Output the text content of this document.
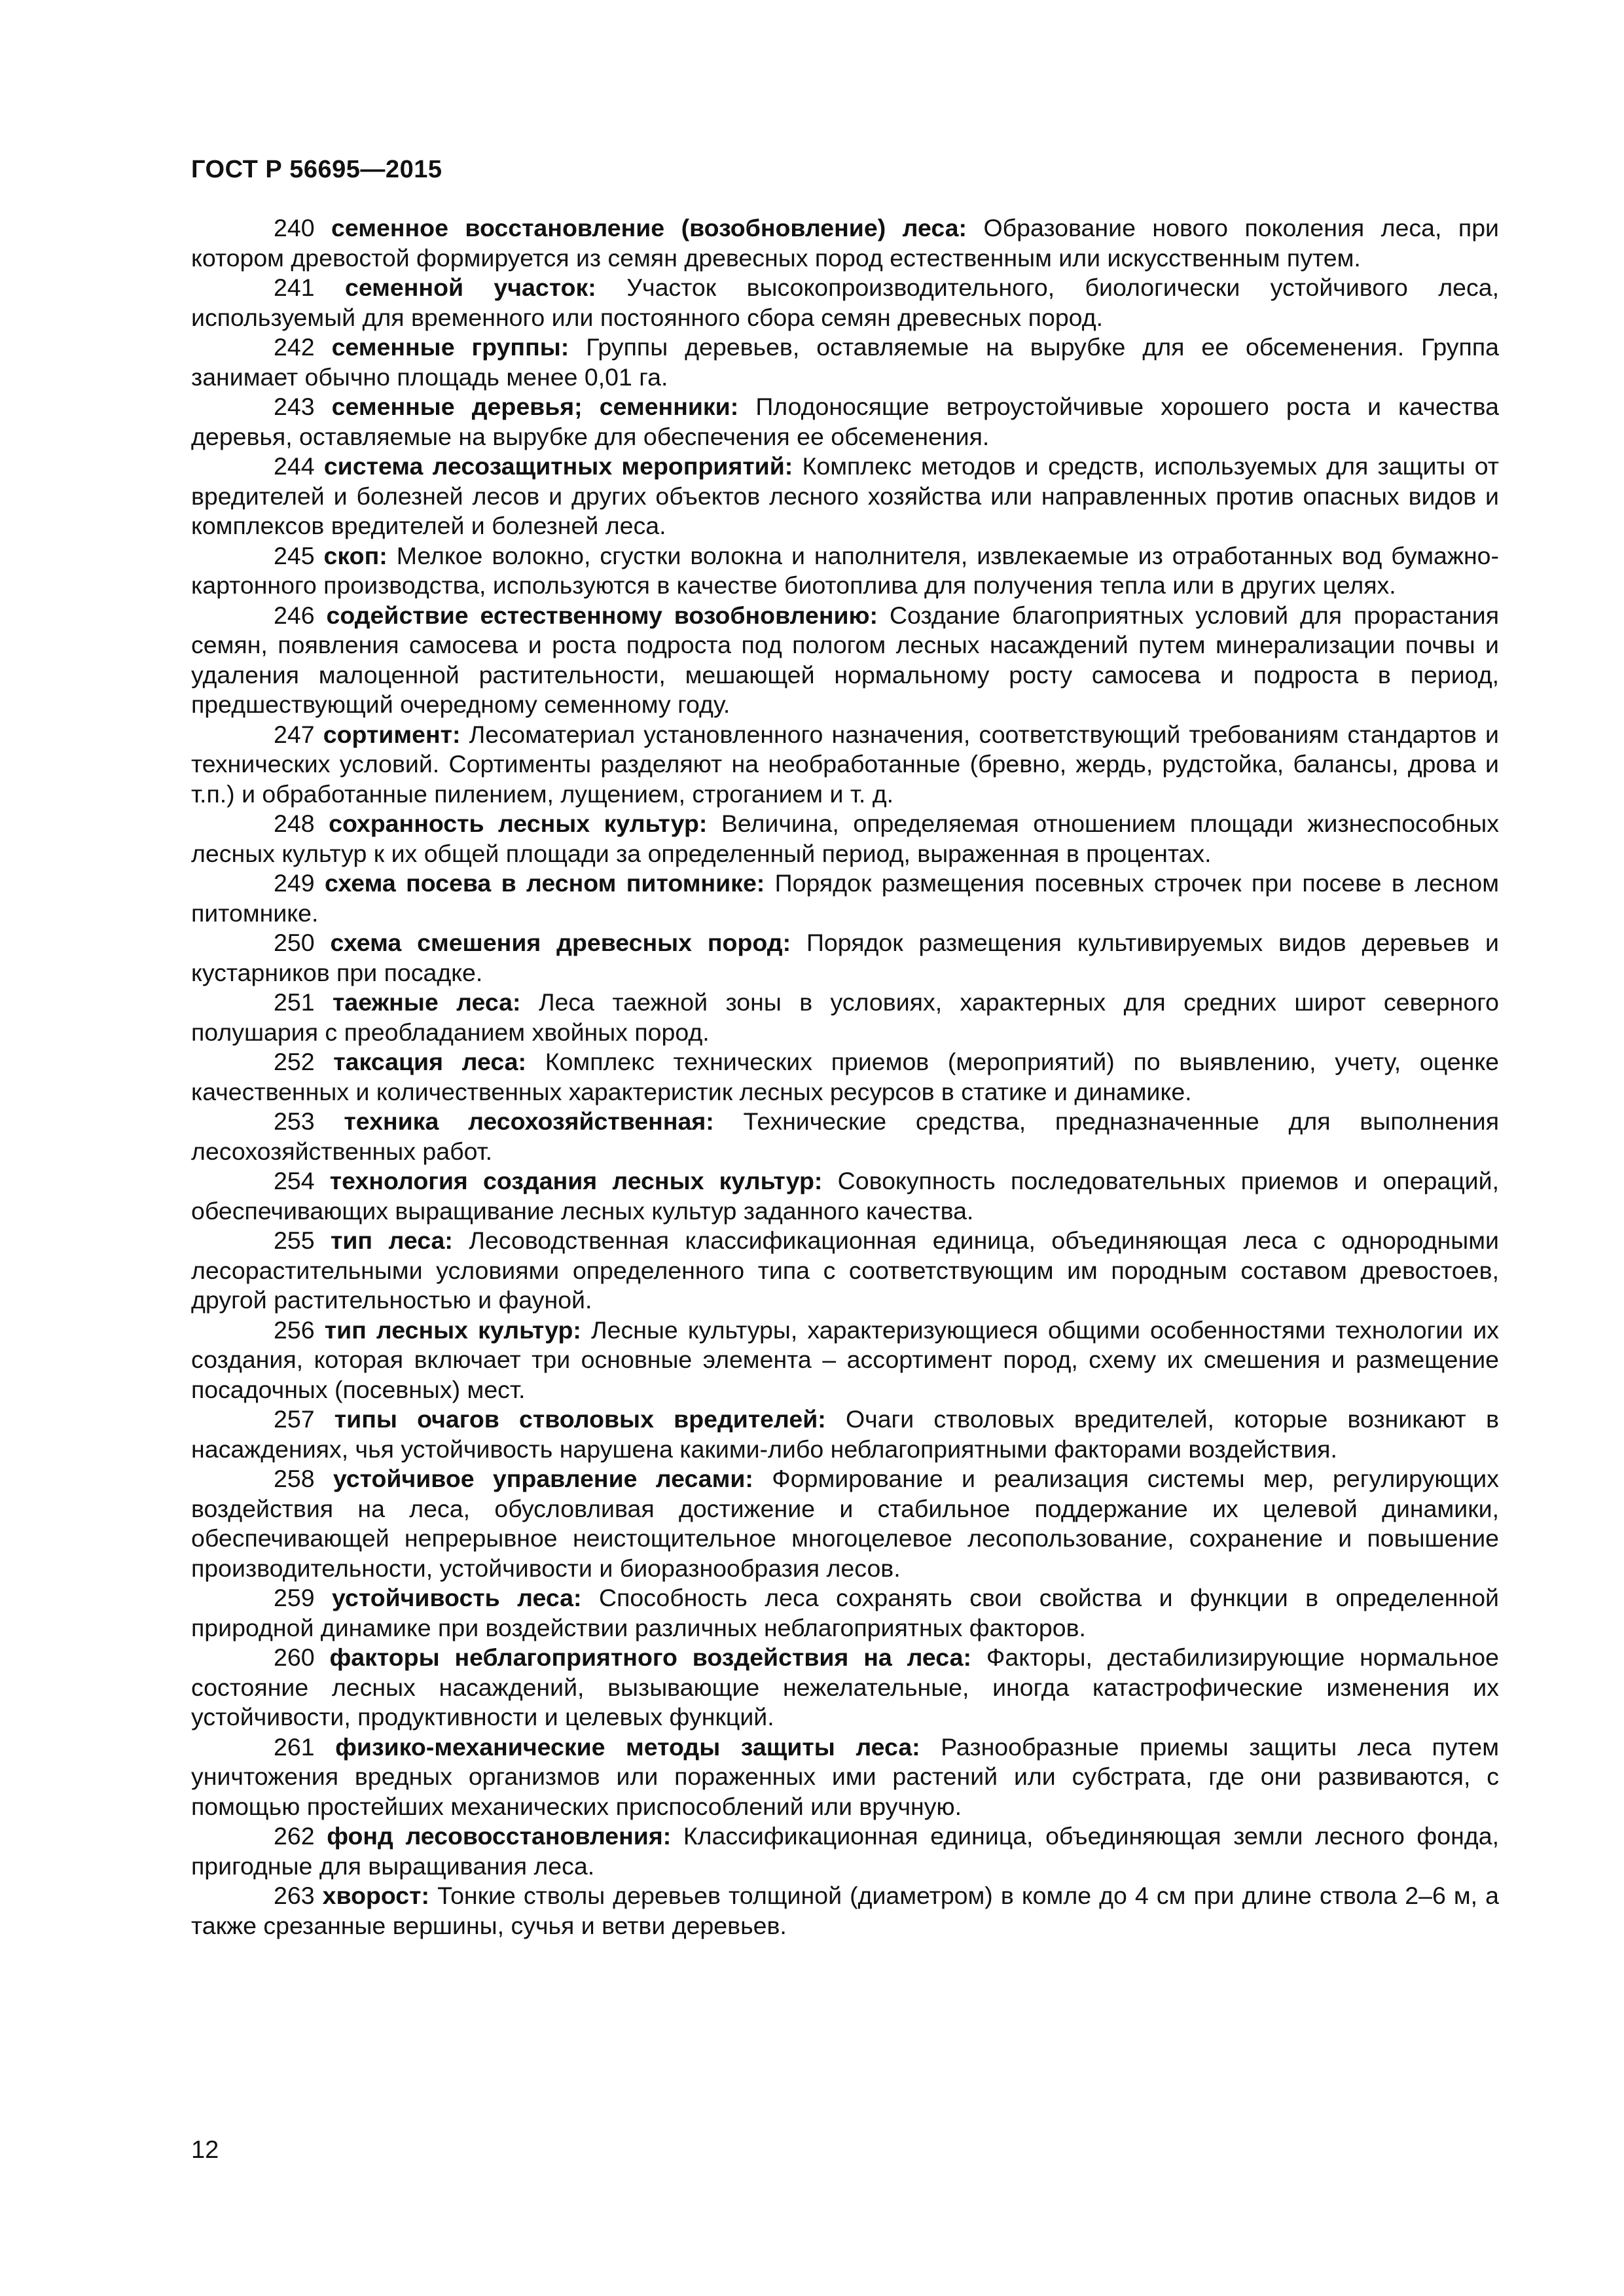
ГОСТ Р 56695—2015

240 семенное восстановление (возобновление) леса: Образование нового поколения леса, при котором древостой формируется из семян древесных пород естественным или искусственным путем.

241 семенной участок: Участок высокопроизводительного, биологически устойчивого леса, используемый для временного или постоянного сбора семян древесных пород.

242 семенные группы: Группы деревьев, оставляемые на вырубке для ее обсеменения. Группа занимает обычно площадь менее 0,01 га.

243 семенные деревья; семенники: Плодоносящие ветроустойчивые хорошего роста и качества деревья, оставляемые на вырубке для обеспечения ее обсеменения.

244 система лесозащитных мероприятий: Комплекс методов и средств, используемых для защиты от вредителей и болезней лесов и других объектов лесного хозяйства или направленных против опасных видов и комплексов вредителей и болезней леса.

245 скоп: Мелкое волокно, сгустки волокна и наполнителя, извлекаемые из отработанных вод бумажно-картонного производства, используются в качестве биотоплива для получения тепла или в других целях.

246 содействие естественному возобновлению: Создание благоприятных условий для прорастания семян, появления самосева и роста подроста под пологом лесных насаждений путем минерализации почвы и удаления малоценной растительности, мешающей нормальному росту самосева и подроста в период, предшествующий очередному семенному году.

247 сортимент: Лесоматериал установленного назначения, соответствующий требованиям стандартов и технических условий. Сортименты разделяют на необработанные (бревно, жердь, рудстойка, балансы, дрова и т.п.) и обработанные пилением, лущением, строганием и т. д.

248 сохранность лесных культур: Величина, определяемая отношением площади жизнеспособных лесных культур к их общей площади за определенный период, выраженная в процентах.

249 схема посева в лесном питомнике: Порядок размещения посевных строчек при посеве в лесном питомнике.

250 схема смешения древесных пород: Порядок размещения культивируемых видов деревьев и кустарников при посадке.

251 таежные леса: Леса таежной зоны в условиях, характерных для средних широт северного полушария с преобладанием хвойных пород.

252 таксация леса: Комплекс технических приемов (мероприятий) по выявлению, учету, оценке качественных и количественных характеристик лесных ресурсов в статике и динамике.

253 техника лесохозяйственная: Технические средства, предназначенные для выполнения лесохозяйственных работ.

254 технология создания лесных культур: Совокупность последовательных приемов и операций, обеспечивающих выращивание лесных культур заданного качества.

255 тип леса: Лесоводственная классификационная единица, объединяющая леса с однородными лесорастительными условиями определенного типа с соответствующим им породным составом древостоев, другой растительностью и фауной.

256 тип лесных культур: Лесные культуры, характеризующиеся общими особенностями технологии их создания, которая включает три основные элемента – ассортимент пород, схему их смешения и размещение посадочных (посевных) мест.

257 типы очагов стволовых вредителей: Очаги стволовых вредителей, которые возникают в насаждениях, чья устойчивость нарушена какими-либо неблагоприятными факторами воздействия.

258 устойчивое управление лесами: Формирование и реализация системы мер, регулирующих воздействия на леса, обусловливая достижение и стабильное поддержание их целевой динамики, обеспечивающей непрерывное неистощительное многоцелевое лесопользование, сохранение и повышение производительности, устойчивости и биоразнообразия лесов.

259 устойчивость леса: Способность леса сохранять свои свойства и функции в определенной природной динамике при воздействии различных неблагоприятных факторов.

260 факторы неблагоприятного воздействия на леса: Факторы, дестабилизирующие нормальное состояние лесных насаждений, вызывающие нежелательные, иногда катастрофические изменения их устойчивости, продуктивности и целевых функций.

261 физико-механические методы защиты леса: Разнообразные приемы защиты леса путем уничтожения вредных организмов или пораженных ими растений или субстрата, где они развиваются, с помощью простейших механических приспособлений или вручную.

262 фонд лесовосстановления: Классификационная единица, объединяющая земли лесного фонда, пригодные для выращивания леса.

263 хворост: Тонкие стволы деревьев толщиной (диаметром) в комле до 4 см при длине ствола 2–6 м, а также срезанные вершины, сучья и ветви деревьев.

12
